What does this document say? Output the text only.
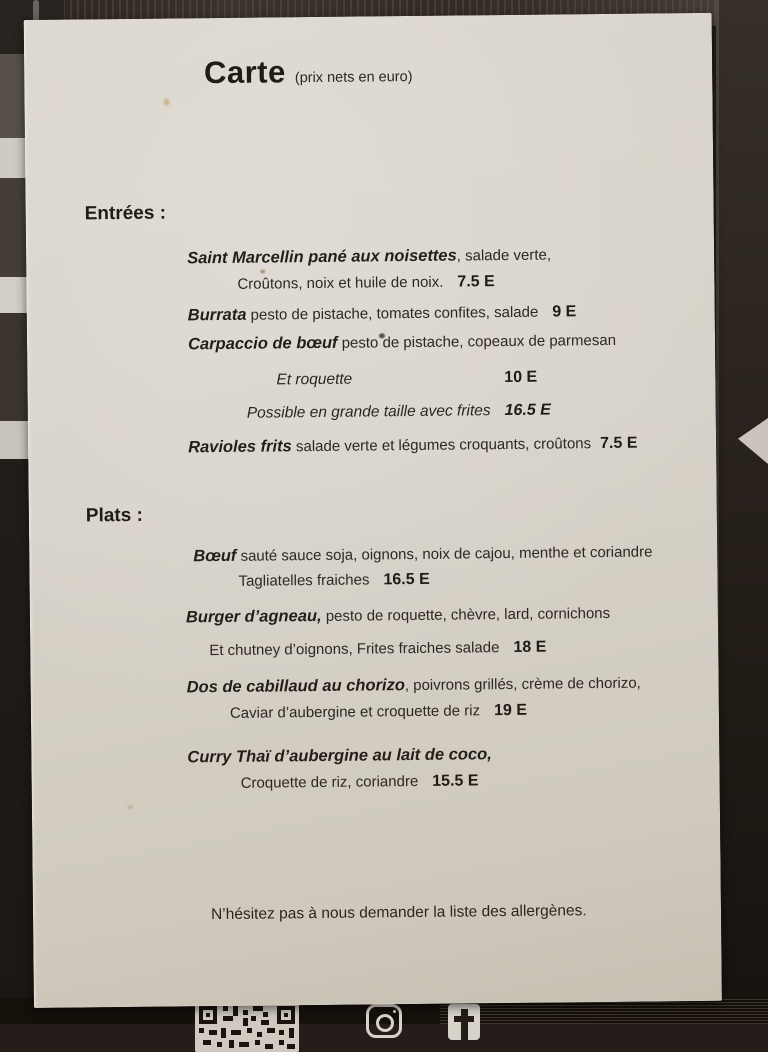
Carte (prix nets en euro)
Entrées :
Saint Marcellin pané aux noisettes, salade verte,
Croûtons, noix et huile de noix. 7.5 E
Burrata pesto de pistache, tomates confites, salade 9 E
Carpaccio de bœuf pesto de pistache, copeaux de parmesan
Et roquette	10 E
Possible en grande taille avec frites 16.5 E
Ravioles frits salade verte et légumes croquants, croûtons 7.5 E
Plats :
Bœuf sauté sauce soja, oignons, noix de cajou, menthe et coriandre
Tagliatelles fraiches 16.5 E
Burger d’agneau, pesto de roquette, chèvre, lard, cornichons
Et chutney d’oignons, Frites fraiches salade 18 E
Dos de cabillaud au chorizo, poivrons grillés, crème de chorizo,
Caviar d’aubergine et croquette de riz 19 E
Curry Thaï d’aubergine au lait de coco,
Croquette de riz, coriandre 15.5 E
N’hésitez pas à nous demander la liste des allergènes.
